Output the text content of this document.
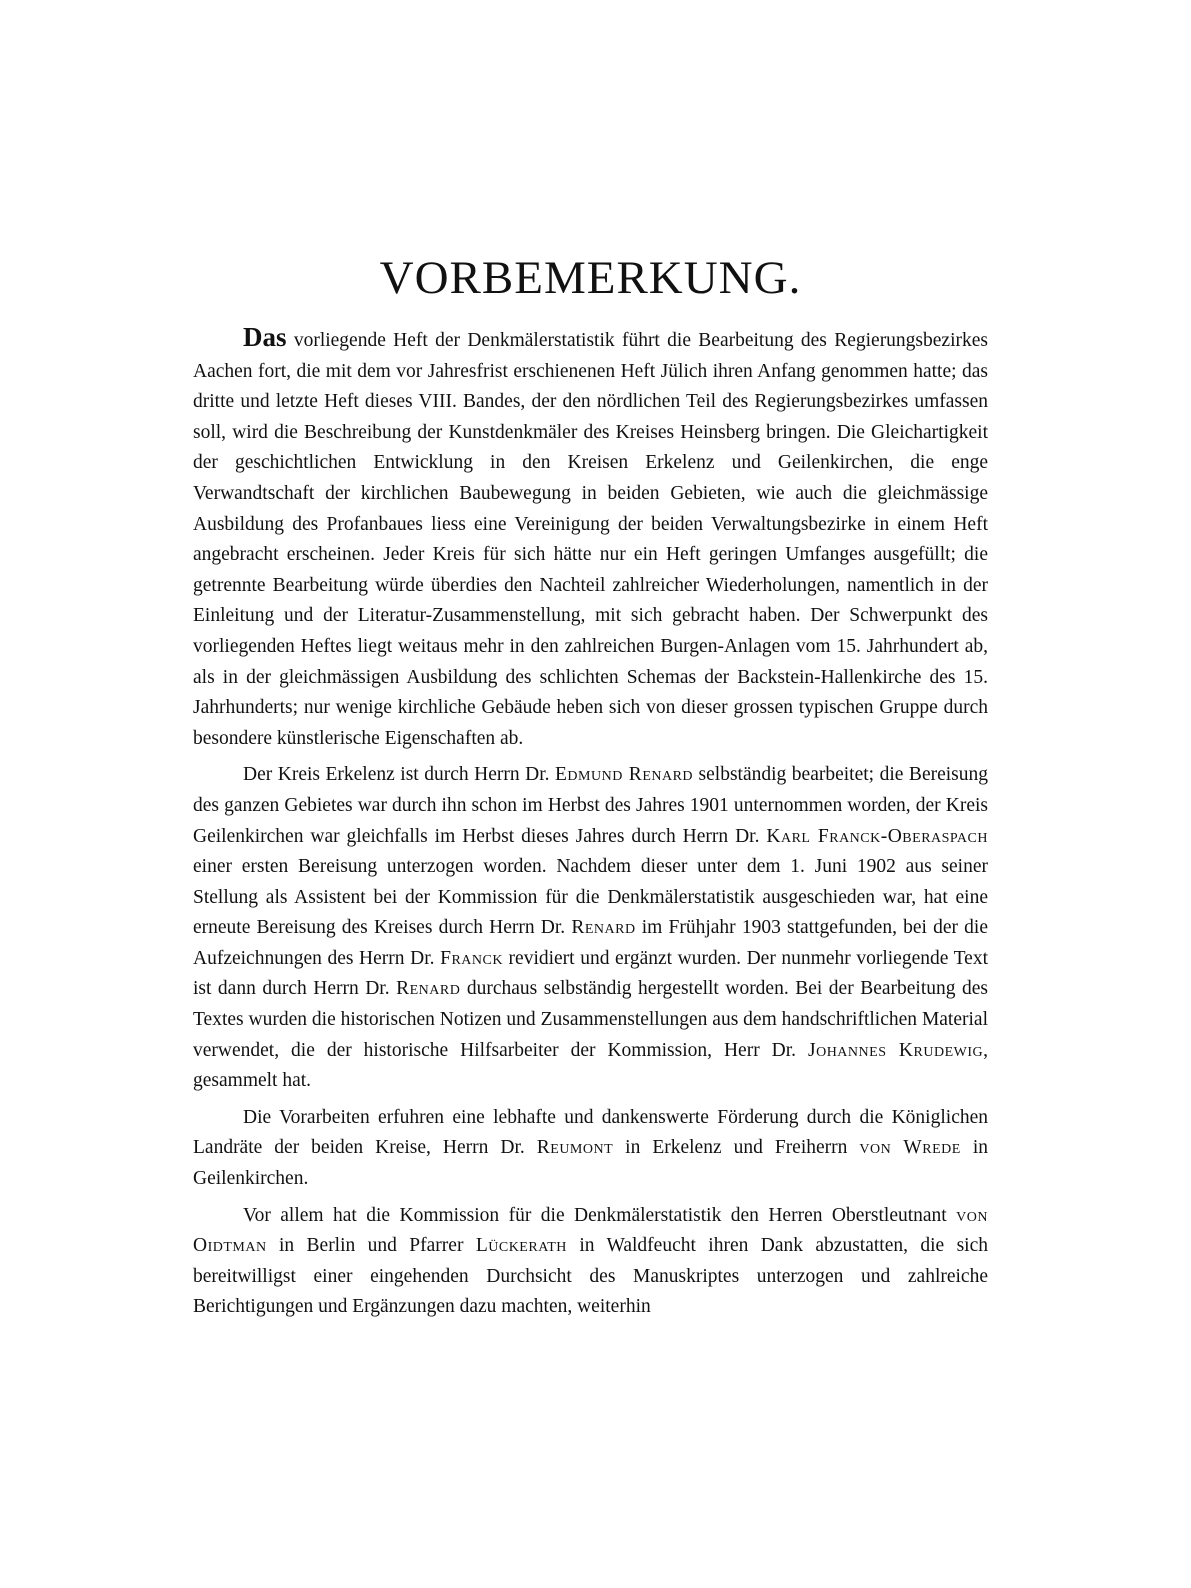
VORBEMERKUNG.

Das vorliegende Heft der Denkmälerstatistik führt die Bearbeitung des Regierungsbezirkes Aachen fort, die mit dem vor Jahresfrist erschienenen Heft Jülich ihren Anfang genommen hatte; das dritte und letzte Heft dieses VIII. Bandes, der den nördlichen Teil des Regierungsbezirkes umfassen soll, wird die Beschreibung der Kunstdenkmäler des Kreises Heinsberg bringen. Die Gleichartigkeit der geschichtlichen Entwicklung in den Kreisen Erkelenz und Geilenkirchen, die enge Verwandtschaft der kirchlichen Baubewegung in beiden Gebieten, wie auch die gleichmässige Ausbildung des Profanbaues liess eine Vereinigung der beiden Verwaltungsbezirke in einem Heft angebracht erscheinen. Jeder Kreis für sich hätte nur ein Heft geringen Umfanges ausgefüllt; die getrennte Bearbeitung würde überdies den Nachteil zahlreicher Wiederholungen, namentlich in der Einleitung und der Literatur-Zusammenstellung, mit sich gebracht haben. Der Schwerpunkt des vorliegenden Heftes liegt weitaus mehr in den zahlreichen Burgen-Anlagen vom 15. Jahrhundert ab, als in der gleichmässigen Ausbildung des schlichten Schemas der Backstein-Hallenkirche des 15. Jahrhunderts; nur wenige kirchliche Gebäude heben sich von dieser grossen typischen Gruppe durch besondere künstlerische Eigenschaften ab.

Der Kreis Erkelenz ist durch Herrn Dr. Edmund Renard selbständig bearbeitet; die Bereisung des ganzen Gebietes war durch ihn schon im Herbst des Jahres 1901 unternommen worden, der Kreis Geilenkirchen war gleichfalls im Herbst dieses Jahres durch Herrn Dr. Karl Franck-Oberaspach einer ersten Bereisung unterzogen worden. Nachdem dieser unter dem 1. Juni 1902 aus seiner Stellung als Assistent bei der Kommission für die Denkmälerstatistik ausgeschieden war, hat eine erneute Bereisung des Kreises durch Herrn Dr. Renard im Frühjahr 1903 stattgefunden, bei der die Aufzeichnungen des Herrn Dr. Franck revidiert und ergänzt wurden. Der nunmehr vorliegende Text ist dann durch Herrn Dr. Renard durchaus selbständig hergestellt worden. Bei der Bearbeitung des Textes wurden die historischen Notizen und Zusammenstellungen aus dem handschriftlichen Material verwendet, die der historische Hilfsarbeiter der Kommission, Herr Dr. Johannes Krudewig, gesammelt hat.

Die Vorarbeiten erfuhren eine lebhafte und dankenswerte Förderung durch die Königlichen Landräte der beiden Kreise, Herrn Dr. Reumont in Erkelenz und Freiherrn von Wrede in Geilenkirchen.

Vor allem hat die Kommission für die Denkmälerstatistik den Herren Oberstleutnant von Oidtman in Berlin und Pfarrer Lückerath in Waldfeucht ihren Dank abzustatten, die sich bereitwilligst einer eingehenden Durchsicht des Manuskriptes unterzogen und zahlreiche Berichtigungen und Ergänzungen dazu machten, weiterhin
